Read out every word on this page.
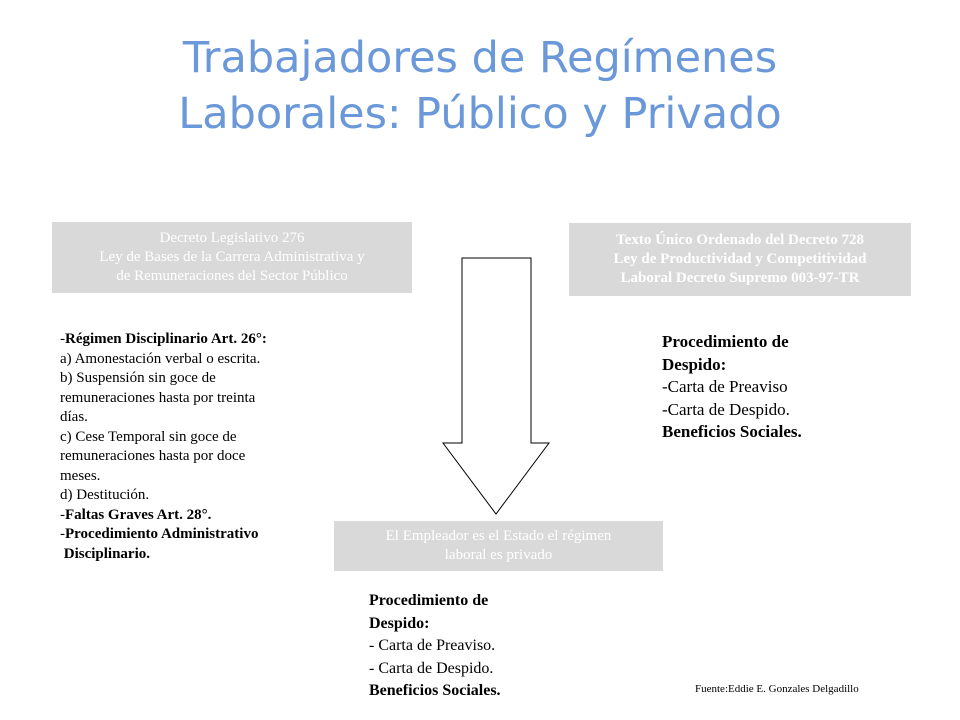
Trabajadores de Regímenes
Laborales: Público y Privado
Decreto Legislativo 276
Ley de Bases de la Carrera Administrativa y
de Remuneraciones del Sector Público
Texto Único Ordenado del Decreto 728
Ley de Productividad y Competitividad
Laboral Decreto Supremo 003-97-TR
El Empleador es el Estado el régimen
laboral es privado
-Régimen Disciplinario Art. 26°:
a) Amonestación verbal o escrita.
b) Suspensión sin goce de
remuneraciones hasta por treinta
días.
c) Cese Temporal sin goce de
remuneraciones hasta por doce
meses.
d) Destitución.
-Faltas Graves Art. 28°.
-Procedimiento Administrativo
Disciplinario.
Procedimiento de
Despido:
-Carta de Preaviso
-Carta de Despido.
Beneficios Sociales.
Procedimiento de
Despido:
- Carta de Preaviso.
- Carta de Despido.
Beneficios Sociales.	Fuente:Eddie E. Gonzales Delgadillo
